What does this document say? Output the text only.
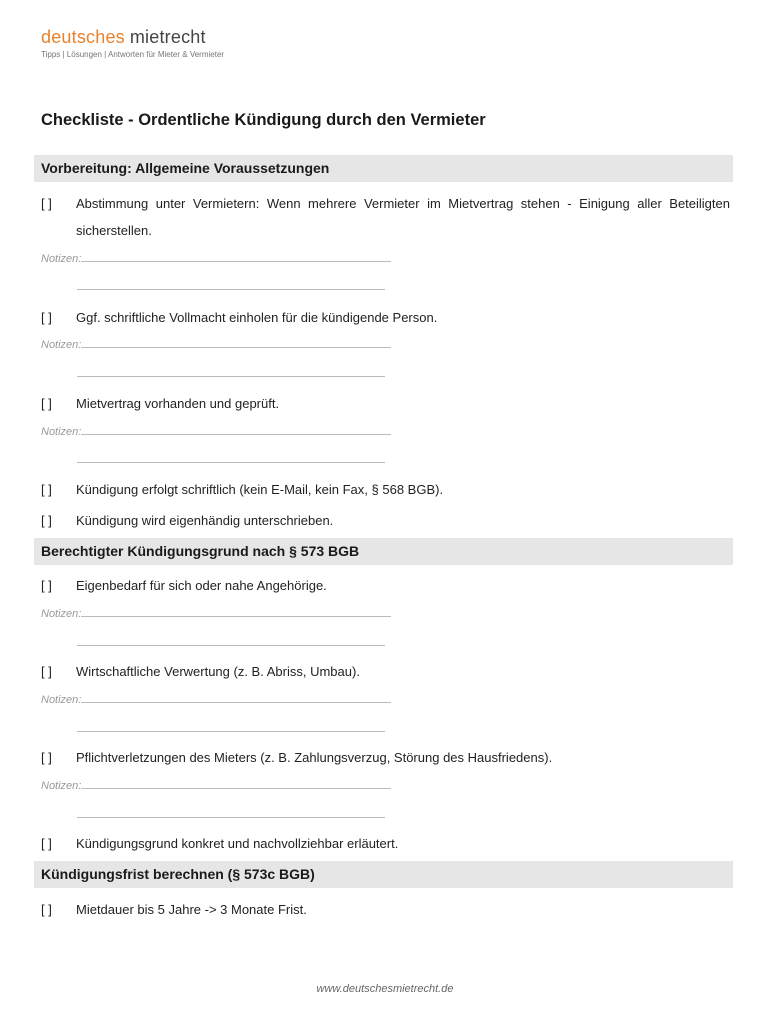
deutsches mietrecht
Tipps | Lösungen | Antworten für Mieter & Vermieter
Checkliste - Ordentliche Kündigung durch den Vermieter
Vorbereitung: Allgemeine Voraussetzungen
[ ] Abstimmung unter Vermietern: Wenn mehrere Vermieter im Mietvertrag stehen - Einigung aller Beteiligten sicherstellen.
Notizen:
[ ] Ggf. schriftliche Vollmacht einholen für die kündigende Person.
Notizen:
[ ] Mietvertrag vorhanden und geprüft.
Notizen:
[ ] Kündigung erfolgt schriftlich (kein E-Mail, kein Fax, § 568 BGB).
[ ] Kündigung wird eigenhändig unterschrieben.
Berechtigter Kündigungsgrund nach § 573 BGB
[ ] Eigenbedarf für sich oder nahe Angehörige.
Notizen:
[ ] Wirtschaftliche Verwertung (z. B. Abriss, Umbau).
Notizen:
[ ] Pflichtverletzungen des Mieters (z. B. Zahlungsverzug, Störung des Hausfriedens).
Notizen:
[ ] Kündigungsgrund konkret und nachvollziehbar erläutert.
Kündigungsfrist berechnen (§ 573c BGB)
[ ] Mietdauer bis 5 Jahre -> 3 Monate Frist.
www.deutschesmietrecht.de
